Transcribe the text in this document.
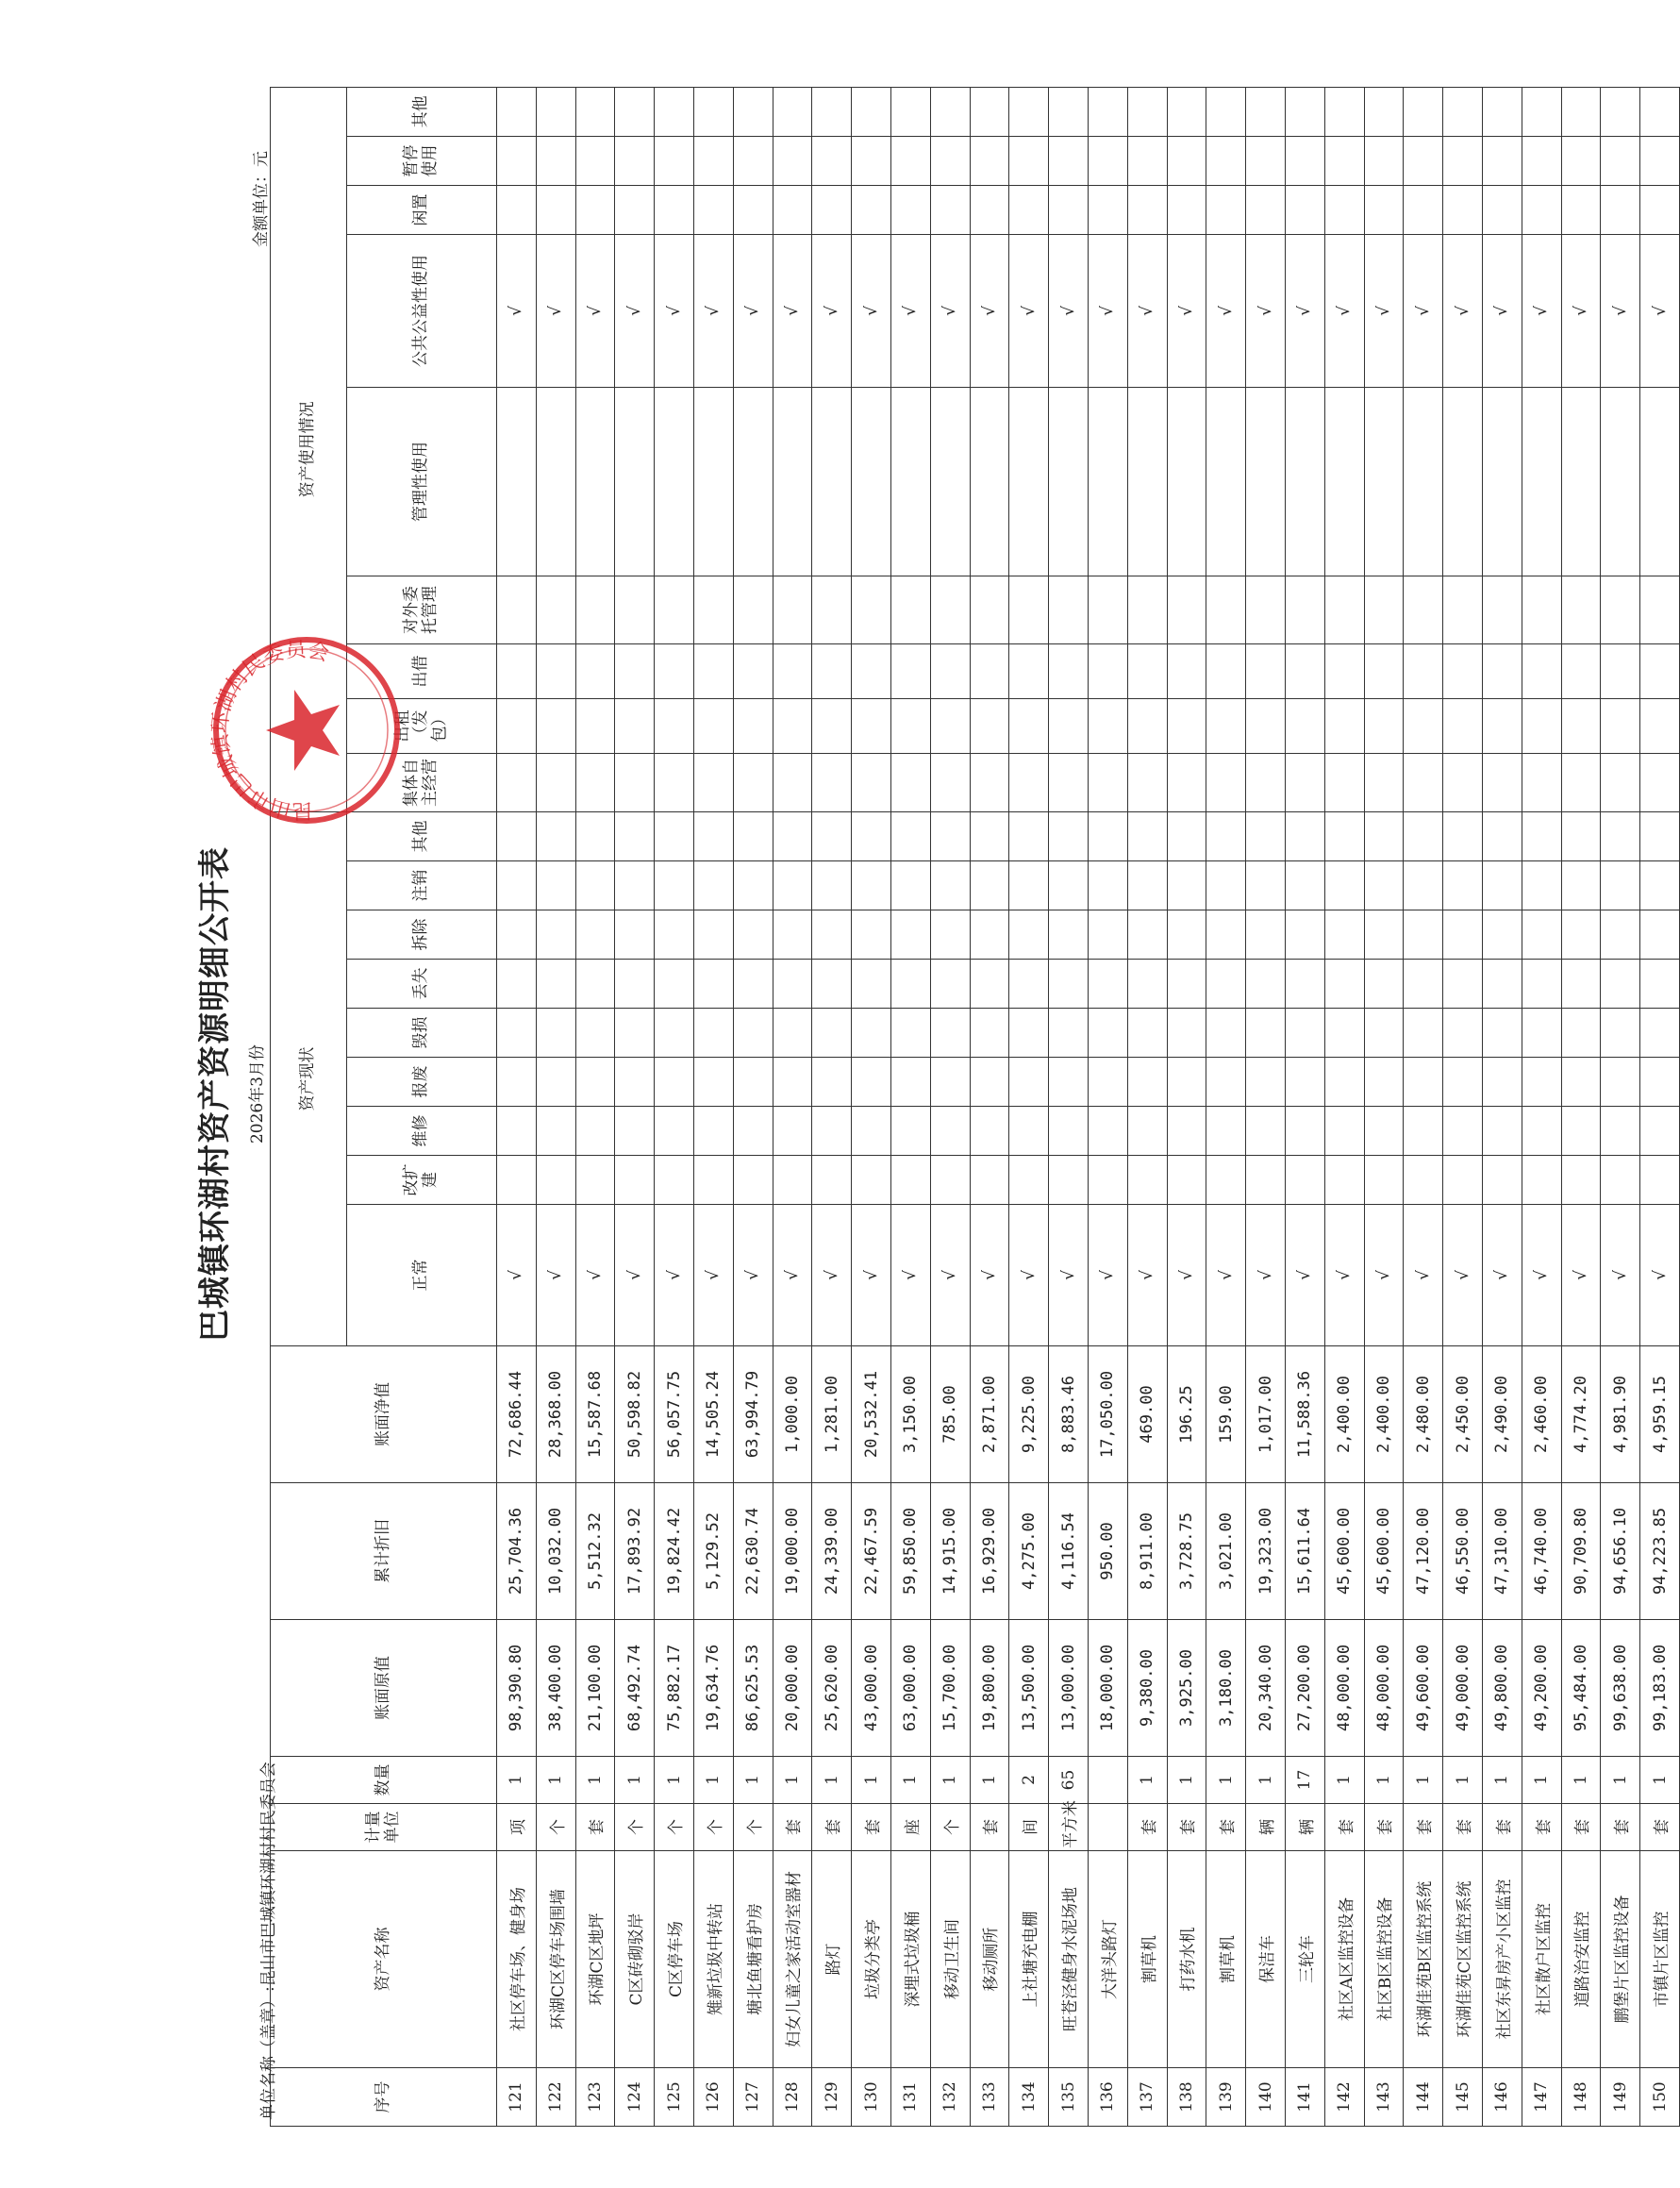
巴城镇环湖村资产资源明细公开表 2026年3月份
单位名称（盖章）:昆山市巴城镇环湖村村民委员会
金额单位：元
序号	资产名称	计量单位	数量	账面原值	累计折旧	账面净值	资产现状									资产使用情况								
							正常	改扩建	维修	报废	毁损	丢失	拆除	注销	其他	集体自主经营	出租（发包）	出借	对外委托管理	管理性使用	公共公益性使用	闲置	暂停使用	其他
121	社区停车场、健身场	项	1	98,390.80	25,704.36	72,686.44	√														√			
122	环湖C区停车场围墙	个	1	38,400.00	10,032.00	28,368.00	√														√			
123	环湖C区地坪	套	1	21,100.00	5,512.32	15,587.68	√														√			
124	C区砖砌驳岸	个	1	68,492.74	17,893.92	50,598.82	√														√			
125	C区停车场	个	1	75,882.17	19,824.42	56,057.75	√														√			
126	雉新垃圾中转站	个	1	19,634.76	5,129.52	14,505.24	√														√			
127	塘北鱼塘看护房	个	1	86,625.53	22,630.74	63,994.79	√														√			
128	妇女儿童之家活动室器材	套	1	20,000.00	19,000.00	1,000.00	√														√			
129	路灯	套	1	25,620.00	24,339.00	1,281.00	√														√			
130	垃圾分类亭	套	1	43,000.00	22,467.59	20,532.41	√														√			
131	深埋式垃圾桶	座	1	63,000.00	59,850.00	3,150.00	√														√			
132	移动卫生间	个	1	15,700.00	14,915.00	785.00	√														√			
133	移动厕所	套	1	19,800.00	16,929.00	2,871.00	√														√			
134	上社塘充电棚	间	2	13,500.00	4,275.00	9,225.00	√														√			
135	旺苍泾健身水泥场地	平方米	65	13,000.00	4,116.54	8,883.46	√														√			
136	大洋头路灯			18,000.00	950.00	17,050.00	√														√			
137	割草机	套	1	9,380.00	8,911.00	469.00	√														√			
138	打药水机	套	1	3,925.00	3,728.75	196.25	√														√			
139	割草机	套	1	3,180.00	3,021.00	159.00	√														√			
140	保洁车	辆	1	20,340.00	19,323.00	1,017.00	√														√			
141	三轮车	辆	17	27,200.00	15,611.64	11,588.36	√														√			
142	社区A区监控设备	套	1	48,000.00	45,600.00	2,400.00	√														√			
143	社区B区监控设备	套	1	48,000.00	45,600.00	2,400.00	√														√			
144	环湖佳苑B区监控系统	套	1	49,600.00	47,120.00	2,480.00	√														√			
145	环湖佳苑C区监控系统	套	1	49,000.00	46,550.00	2,450.00	√														√			
146	社区东昇房产小区监控	套	1	49,800.00	47,310.00	2,490.00	√														√			
147	社区散户区监控	套	1	49,200.00	46,740.00	2,460.00	√														√			
148	道路治安监控	套	1	95,484.00	90,709.80	4,774.20	√														√			
149	鹏堡片区监控设备	套	1	99,638.00	94,656.10	4,981.90	√														√			
150	市镇片区监控	套	1	99,183.00	94,223.85	4,959.15	√														√			
昆山市巴城镇环湖村民委员会
